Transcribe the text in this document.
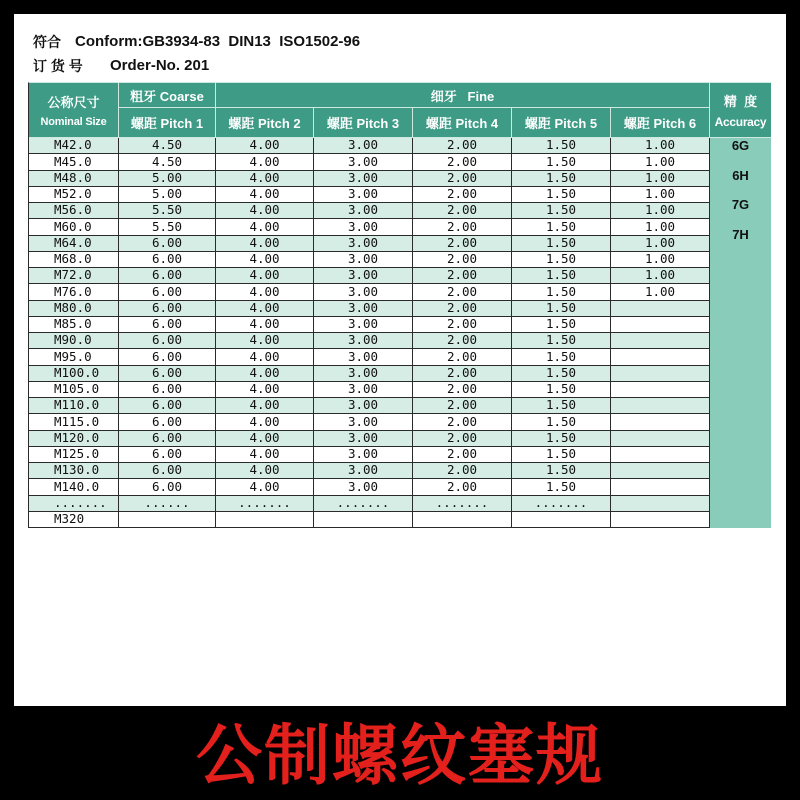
符合 Conform:GB3934-83  DIN13  ISO1502-96
订 货 号 Order-No. 201
公称尺寸
Nominal Size
粗牙 Coarse	细牙   Fine	精  度
Accuracy
螺距 Pitch 1	螺距 Pitch 2	螺距 Pitch 3	螺距 Pitch 4	螺距 Pitch 5	螺距 Pitch 6
6G
6H
7G
7H
M42.0	4.50	4.00	3.00	2.00	1.50	1.00
M45.0	4.50	4.00	3.00	2.00	1.50	1.00
M48.0	5.00	4.00	3.00	2.00	1.50	1.00
M52.0	5.00	4.00	3.00	2.00	1.50	1.00
M56.0	5.50	4.00	3.00	2.00	1.50	1.00
M60.0	5.50	4.00	3.00	2.00	1.50	1.00
M64.0	6.00	4.00	3.00	2.00	1.50	1.00
M68.0	6.00	4.00	3.00	2.00	1.50	1.00
M72.0	6.00	4.00	3.00	2.00	1.50	1.00
M76.0	6.00	4.00	3.00	2.00	1.50	1.00
M80.0	6.00	4.00	3.00	2.00	1.50
M85.0	6.00	4.00	3.00	2.00	1.50
M90.0	6.00	4.00	3.00	2.00	1.50
M95.0	6.00	4.00	3.00	2.00	1.50
M100.0	6.00	4.00	3.00	2.00	1.50
M105.0	6.00	4.00	3.00	2.00	1.50
M110.0	6.00	4.00	3.00	2.00	1.50
M115.0	6.00	4.00	3.00	2.00	1.50
M120.0	6.00	4.00	3.00	2.00	1.50
M125.0	6.00	4.00	3.00	2.00	1.50
M130.0	6.00	4.00	3.00	2.00	1.50
M140.0	6.00	4.00	3.00	2.00	1.50
.......	......	.......	.......	.......	.......
M320
公制螺纹塞规
